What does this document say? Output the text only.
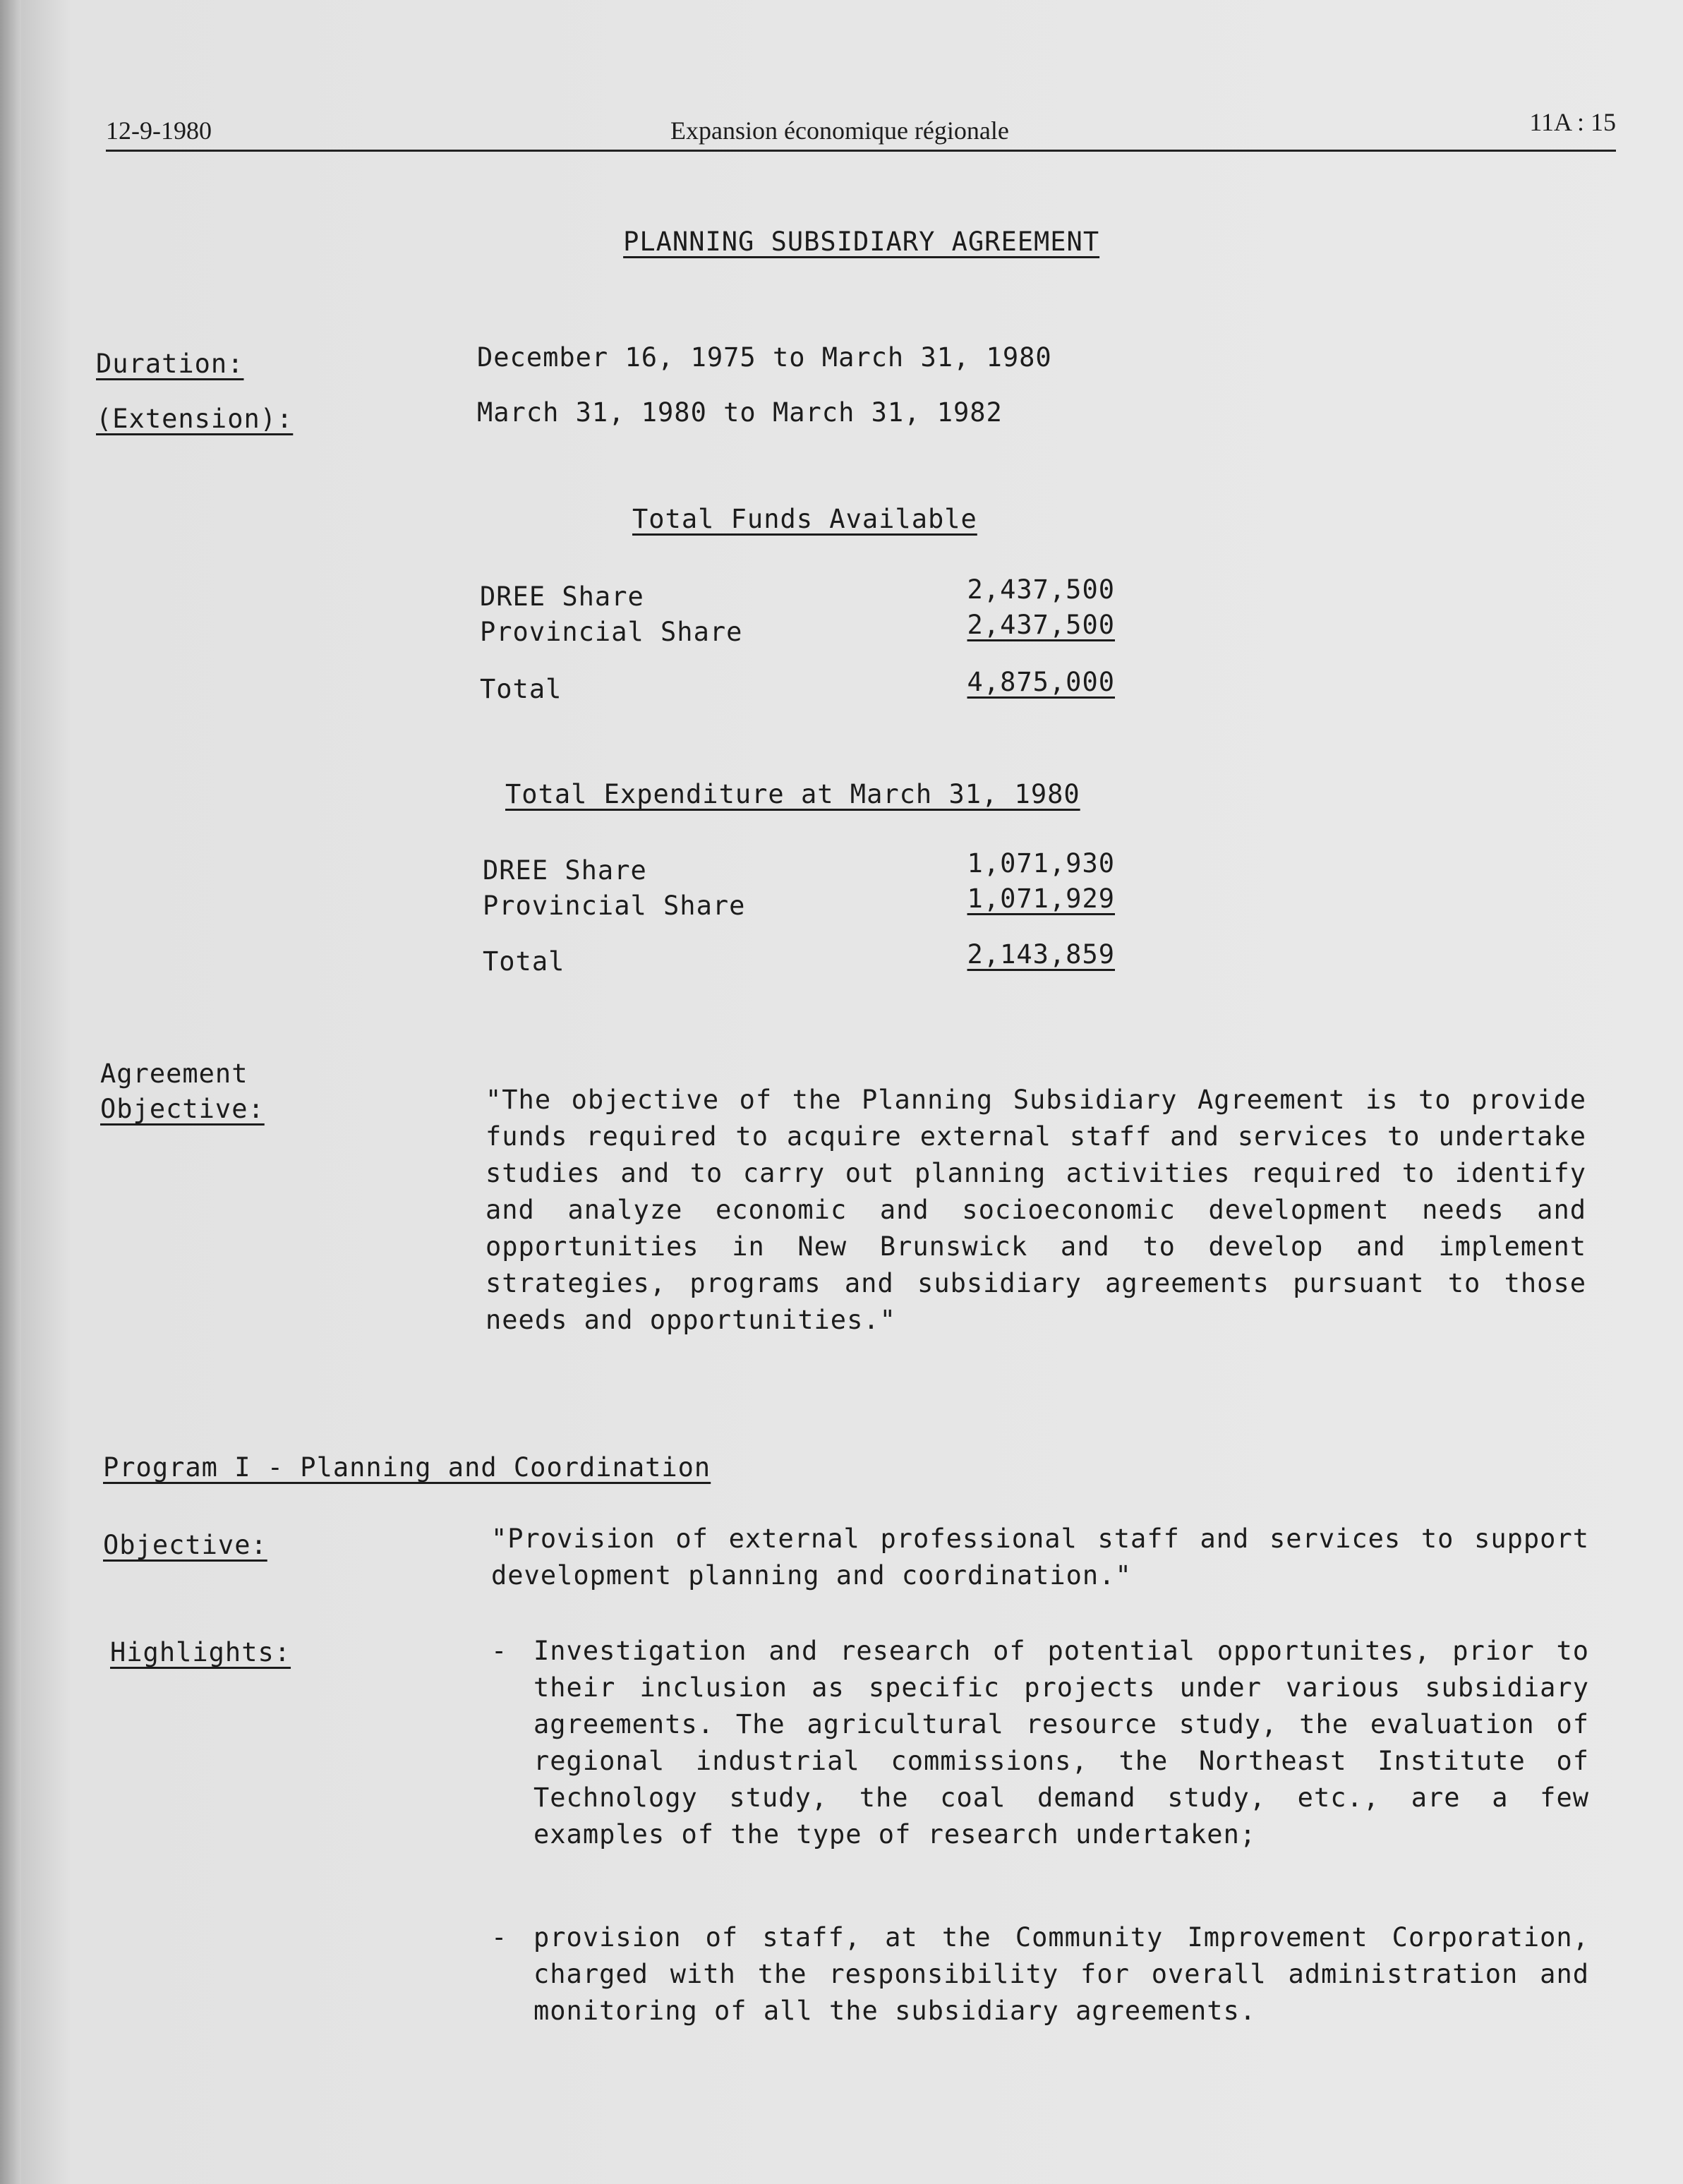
12-9-1980	Expansion économique régionale	11A : 15

PLANNING SUBSIDIARY AGREEMENT

Duration:	December 16, 1975 to March 31, 1980
(Extension):	March 31, 1980 to March 31, 1982
Total Funds Available
DREE Share	2,437,500
Provincial Share	2,437,500
Total	4,875,000
Total Expenditure at March 31, 1980
DREE Share	1,071,930
Provincial Share	1,071,929
Total	2,143,859
Agreement
Objective:	"The objective of the Planning Subsidiary Agreement is to provide funds required to acquire external staff and services to undertake studies and to carry out planning activities required to identify and analyze economic and socioeconomic development needs and opportunities in New Brunswick and to develop and implement strategies, programs and subsidiary agreements pursuant to those needs and opportunities."
Program I - Planning and Coordination
Objective:	"Provision of external professional staff and services to support development planning and coordination."
Highlights:	- Investigation and research of potential opportunites, prior to their inclusion as specific projects under various subsidiary agreements. The agricultural resource study, the evaluation of regional industrial commissions, the Northeast Institute of Technology study, the coal demand study, etc., are a few examples of the type of research undertaken;
- provision of staff, at the Community Improvement Corporation, charged with the responsibility for overall administration and monitoring of all the subsidiary agreements.
